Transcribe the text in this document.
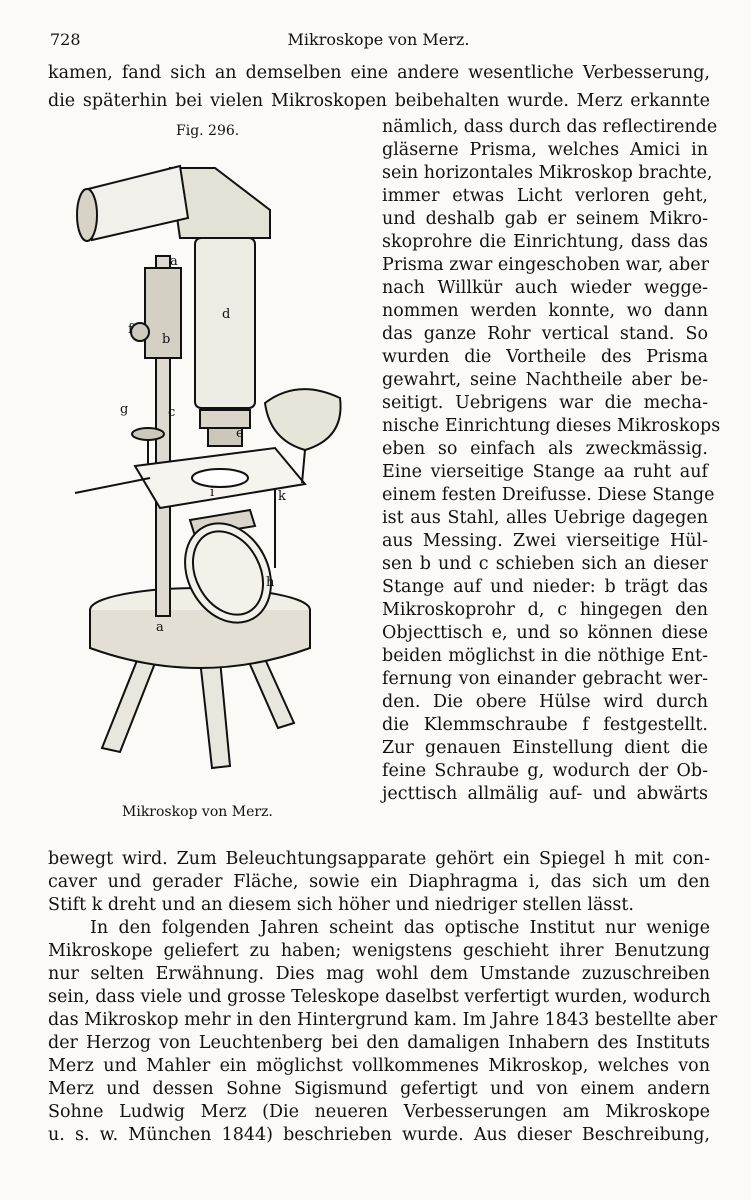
728	Mikroskope von Merz.
kamen, fand sich an demselben eine andere wesentliche Verbesserung,
die späterhin bei vielen Mikroskopen beibehalten wurde. Merz erkannte
nämlich, dass durch das reflectirende
gläserne Prisma, welches Amici in
sein horizontales Mikroskop brachte,
immer etwas Licht verloren geht,
und deshalb gab er seinem Mikro-
skoprohre die Einrichtung, dass das
Prisma zwar eingeschoben war, aber
nach Willkür auch wieder wegge-
nommen werden konnte, wo dann
das ganze Rohr vertical stand. So
wurden die Vortheile des Prisma
gewahrt, seine Nachtheile aber be-
seitigt. Uebrigens war die mecha-
nische Einrichtung dieses Mikroskops
eben so einfach als zweckmässig.
Eine vierseitige Stange aa ruht auf
einem festen Dreifusse. Diese Stange
ist aus Stahl, alles Uebrige dagegen
aus Messing. Zwei vierseitige Hül-
sen b und c schieben sich an dieser
Stange auf und nieder: b trägt das
Mikroskoprohr d, c hingegen den
Objecttisch e, und so können diese
beiden möglichst in die nöthige Ent-
fernung von einander gebracht wer-
den. Die obere Hülse wird durch
die Klemmschraube f festgestellt.
Zur genauen Einstellung dient die
feine Schraube g, wodurch der Ob-
jecttisch allmälig auf- und abwärts
bewegt wird. Zum Beleuchtungsapparate gehört ein Spiegel h mit con-
caver und gerader Fläche, sowie ein Diaphragma i, das sich um den
Stift k dreht und an diesem sich höher und niedriger stellen lässt.
In den folgenden Jahren scheint das optische Institut nur wenige
Mikroskope geliefert zu haben; wenigstens geschieht ihrer Benutzung
nur selten Erwähnung. Dies mag wohl dem Umstande zuzuschreiben
sein, dass viele und grosse Teleskope daselbst verfertigt wurden, wodurch
das Mikroskop mehr in den Hintergrund kam. Im Jahre 1843 bestellte aber
der Herzog von Leuchtenberg bei den damaligen Inhabern des Instituts
Merz und Mahler ein möglichst vollkommenes Mikroskop, welches von
Merz und dessen Sohne Sigismund gefertigt und von einem andern
Sohne Ludwig Merz (Die neueren Verbesserungen am Mikroskope
u. s. w. München 1844) beschrieben wurde. Aus dieser Beschreibung,
Fig. 296.
a
b
c
d
e
f
g
h
i	k
a
Mikroskop von Merz.
